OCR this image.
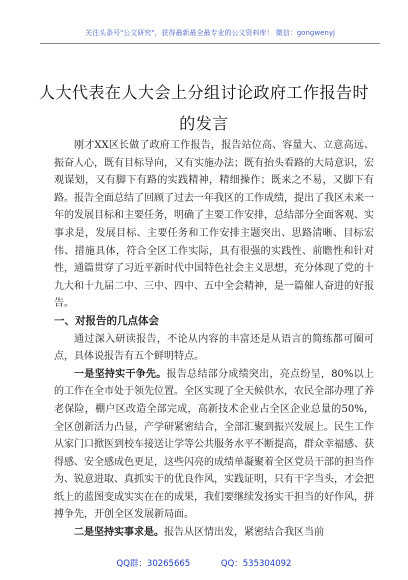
关注头条号"公文研究"，获得最新最全最专业的公文资料库！ 微信：gongwenyj
人大代表在人大会上分组讨论政府工作报告时
的发言

刚才XX区长做了政府工作报告，报告站位高、容量大、立意高远、振奋人心，既有目标导向，又有实施办法；既有抬头看路的大局意识，宏观谋划，又有脚下有路的实践精神，精细操作；既来之不易，又脚下有路。报告全面总结了回顾了过去一年我区的工作成绩，提出了我区未来一年的发展目标和主要任务，明确了主要工作安排，总结部分全面客观、实事求是，发展目标、主要任务和工作安排主题突出、思路清晰、目标宏伟、措施具体，符合全区工作实际，具有很强的实践性、前瞻性和针对性，通篇贯穿了习近平新时代中国特色社会主义思想，充分体现了党的十九大和十九届二中、三中、四中、五中全会精神，是一篇催人奋进的好报告。

一、对报告的几点体会

通过深入研读报告，不论从内容的丰富还是从语言的简练都可圈可点，具体说报告有五个鲜明特点。

一是坚持实干争先。报告总结部分成绩突出，亮点纷呈，80%以上的工作在全市处于领先位置。全区实现了全天候供水，农民全部办理了养老保险，棚户区改造全部完成，高新技术企业占全区企业总量的50%，全区创新活力凸显，产学研紧密结合，全部汇聚到振兴发展上。民生工作从家门口掀医到校车接送让学等公共服务水平不断提高，群众幸福感、获得感、安全感成色更足，这些闪亮的成绩单凝聚着全区党员干部的担当作为、锐意进取、真抓实干的优良作风，实践证明，只有干字当头，才会把纸上的蓝图变成实实在在的成果，我们要继续发扬实干担当的好作风，拼搏争先，开创全区发展新局面。

二是坚持实事求是。报告从区情出发，紧密结合我区当前

QQ群：30265665	QQ：535304092
